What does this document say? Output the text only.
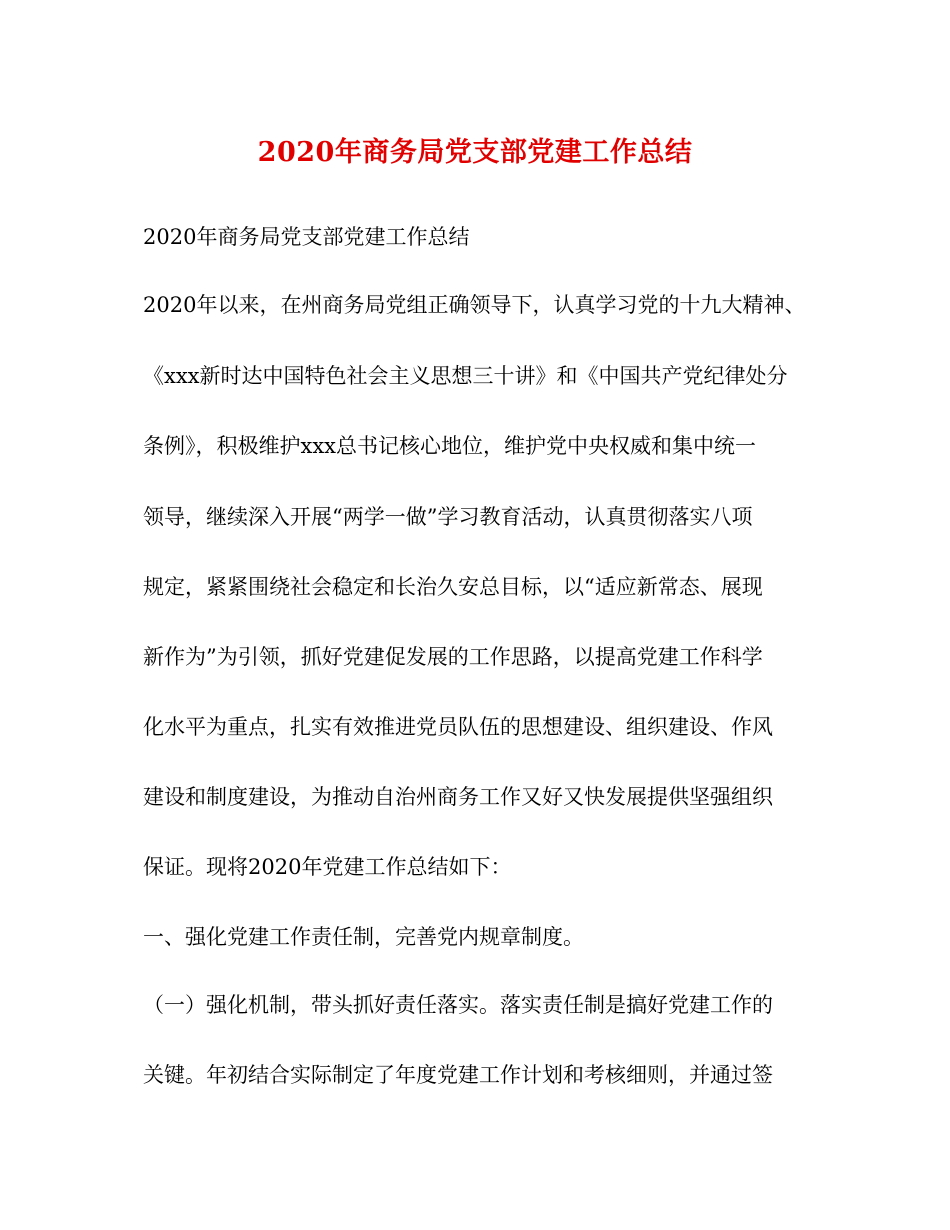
2020年商务局党支部党建工作总结

2020年商务局党支部党建工作总结

2020年以来，在州商务局党组正确领导下，认真学习党的十九大精神、

《xxx新时达中国特色社会主义思想三十讲》和《中国共产党纪律处分

条例》，积极维护xxx总书记核心地位，维护党中央权威和集中统一

领导，继续深入开展“两学一做”学习教育活动，认真贯彻落实八项

规定，紧紧围绕社会稳定和长治久安总目标，以“适应新常态、展现

新作为”为引领，抓好党建促发展的工作思路，以提高党建工作科学

化水平为重点，扎实有效推进党员队伍的思想建设、组织建设、作风

建设和制度建设，为推动自治州商务工作又好又快发展提供坚强组织

保证。现将2020年党建工作总结如下：

一、强化党建工作责任制，完善党内规章制度。

（一）强化机制，带头抓好责任落实。落实责任制是搞好党建工作的

关键。年初结合实际制定了年度党建工作计划和考核细则，并通过签
